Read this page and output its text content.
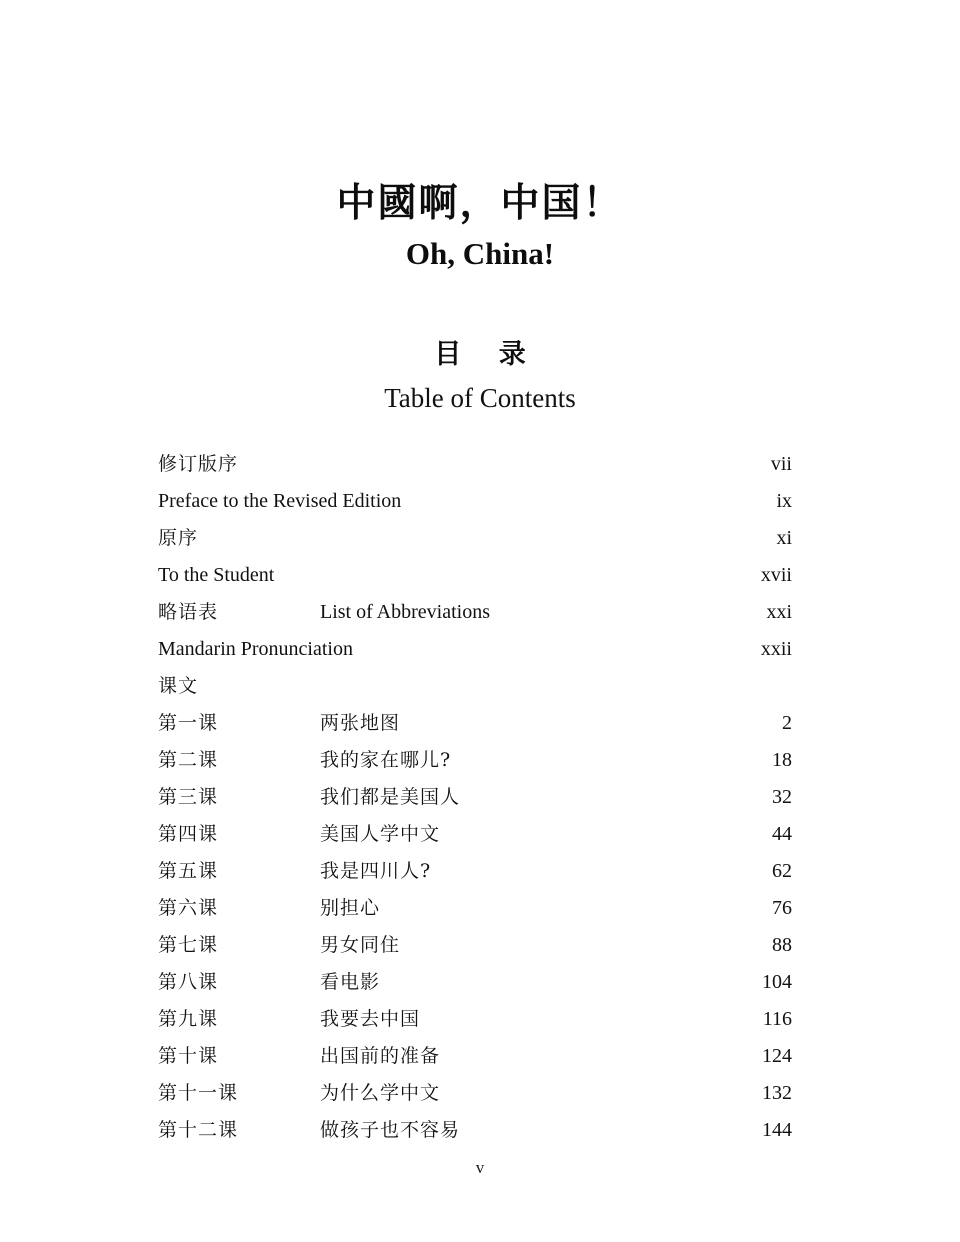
中國啊，中国！
Oh, China!
目 录
Table of Contents
修订版序	vii
Preface to the Revised Edition	ix
原序	xi
To the Student	xvii
略语表	List of Abbreviations	xxi
Mandarin Pronunciation	xxii
课文
第一课	两张地图	2
第二课	我的家在哪儿?	18
第三课	我们都是美国人	32
第四课	美国人学中文	44
第五课	我是四川人?	62
第六课	别担心	76
第七课	男女同住	88
第八课	看电影	104
第九课	我要去中国	116
第十课	出国前的准备	124
第十一课	为什么学中文	132
第十二课	做孩子也不容易	144
v
